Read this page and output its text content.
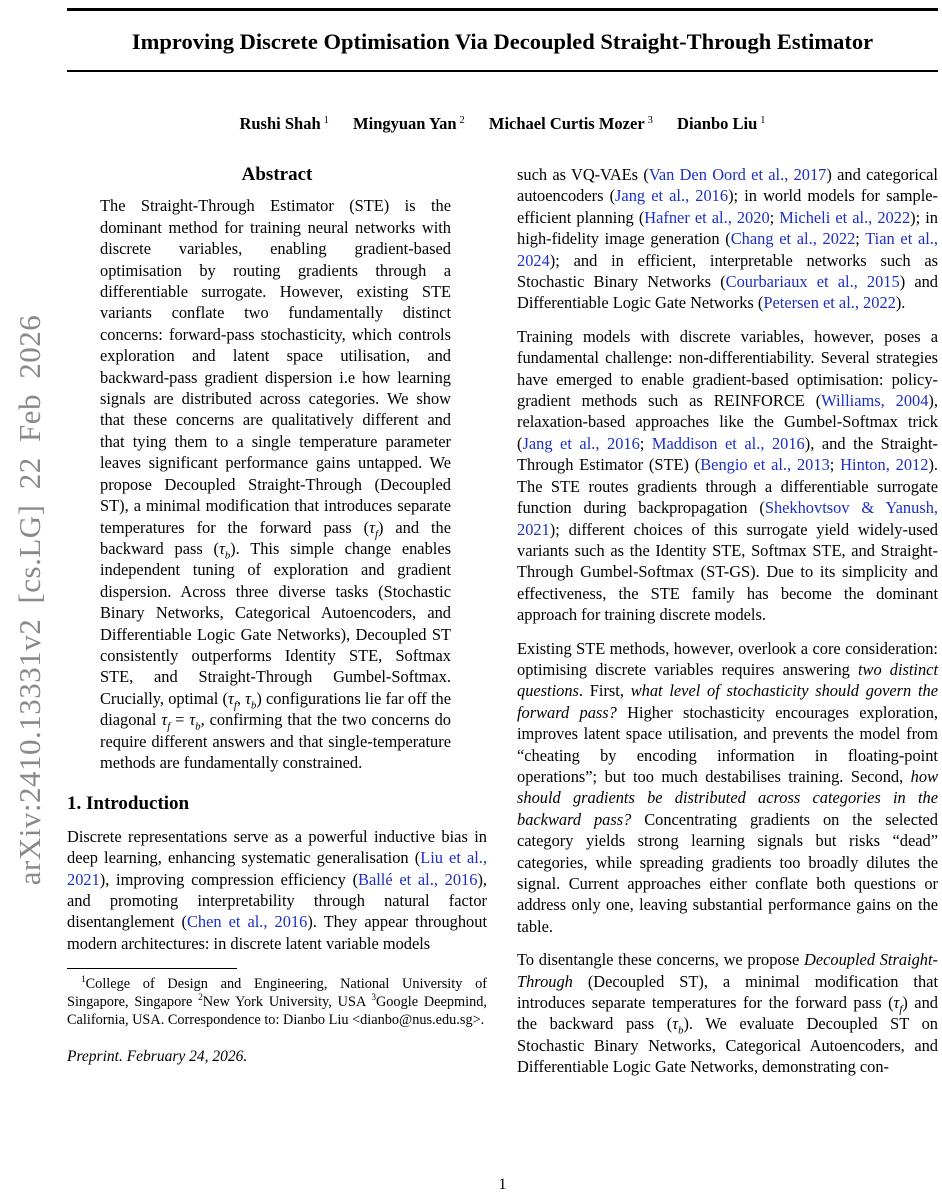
arXiv:2410.13331v2 [cs.LG] 22 Feb 2026
Improving Discrete Optimisation Via Decoupled Straight-Through Estimator
Rushi Shah $^1$ Mingyuan Yan $^2$ Michael Curtis Mozer $^3$ Dianbo Liu $^1$
Abstract

The Straight-Through Estimator (STE) is the dominant method for training neural networks with discrete variables, enabling gradient-based optimisation by routing gradients through a differentiable surrogate. However, existing STE variants conflate two fundamentally distinct concerns: forward-pass stochasticity, which controls exploration and latent space utilisation, and backward-pass gradient dispersion i.e how learning signals are distributed across categories. We show that these concerns are qualitatively different and that tying them to a single temperature parameter leaves significant performance gains untapped. We propose Decoupled Straight-Through (Decoupled ST), a minimal modification that introduces separate temperatures for the forward pass $(\tau_f)$ and the backward pass $(\tau_b)$. This simple change enables independent tuning of exploration and gradient dispersion. Across three diverse tasks (Stochastic Binary Networks, Categorical Autoencoders, and Differentiable Logic Gate Networks), Decoupled ST consistently outperforms Identity STE, Softmax STE, and Straight-Through Gumbel-Softmax. Crucially, optimal ($\tau_f$, $\tau_b$) configurations lie far off the diagonal $\tau_f = \tau_b$, confirming that the two concerns do require different answers and that single-temperature methods are fundamentally constrained.

1. Introduction

Discrete representations serve as a powerful inductive bias in deep learning, enhancing systematic generalisation (Liu et al., 2021), improving compression efficiency (Ballé et al., 2016), and promoting interpretability through natural factor disentanglement (Chen et al., 2016). They appear throughout modern architectures: in discrete latent variable models

$^1$College of Design and Engineering, National University of Singapore, Singapore $^2$New York University, USA $^3$Google Deepmind, California, USA. Correspondence to: Dianbo Liu <dianbo@nus.edu.sg>.

Preprint. February 24, 2026.

such as VQ-VAEs (Van Den Oord et al., 2017) and categorical autoencoders (Jang et al., 2016); in world models for sample-efficient planning (Hafner et al., 2020; Micheli et al., 2022); in high-fidelity image generation (Chang et al., 2022; Tian et al., 2024); and in efficient, interpretable networks such as Stochastic Binary Networks (Courbariaux et al., 2015) and Differentiable Logic Gate Networks (Petersen et al., 2022).

Training models with discrete variables, however, poses a fundamental challenge: non-differentiability. Several strategies have emerged to enable gradient-based optimisation: policy-gradient methods such as REINFORCE (Williams, 2004), relaxation-based approaches like the Gumbel-Softmax trick (Jang et al., 2016; Maddison et al., 2016), and the Straight-Through Estimator (STE) (Bengio et al., 2013; Hinton, 2012). The STE routes gradients through a differentiable surrogate function during backpropagation (Shekhovtsov & Yanush, 2021); different choices of this surrogate yield widely-used variants such as the Identity STE, Softmax STE, and Straight-Through Gumbel-Softmax (ST-GS). Due to its simplicity and effectiveness, the STE family has become the dominant approach for training discrete models.

Existing STE methods, however, overlook a core consideration: optimising discrete variables requires answering two distinct questions. First, what level of stochasticity should govern the forward pass? Higher stochasticity encourages exploration, improves latent space utilisation, and prevents the model from “cheating by encoding information in floating-point operations”; but too much destabilises training. Second, how should gradients be distributed across categories in the backward pass? Concentrating gradients on the selected category yields strong learning signals but risks “dead” categories, while spreading gradients too broadly dilutes the signal. Current approaches either conflate both questions or address only one, leaving substantial performance gains on the table.

To disentangle these concerns, we propose Decoupled Straight-Through (Decoupled ST), a minimal modification that introduces separate temperatures for the forward pass $(\tau_f)$ and the backward pass $(\tau_b)$. We evaluate Decoupled ST on Stochastic Binary Networks, Categorical Autoencoders, and Differentiable Logic Gate Networks, demonstrating con-

1
